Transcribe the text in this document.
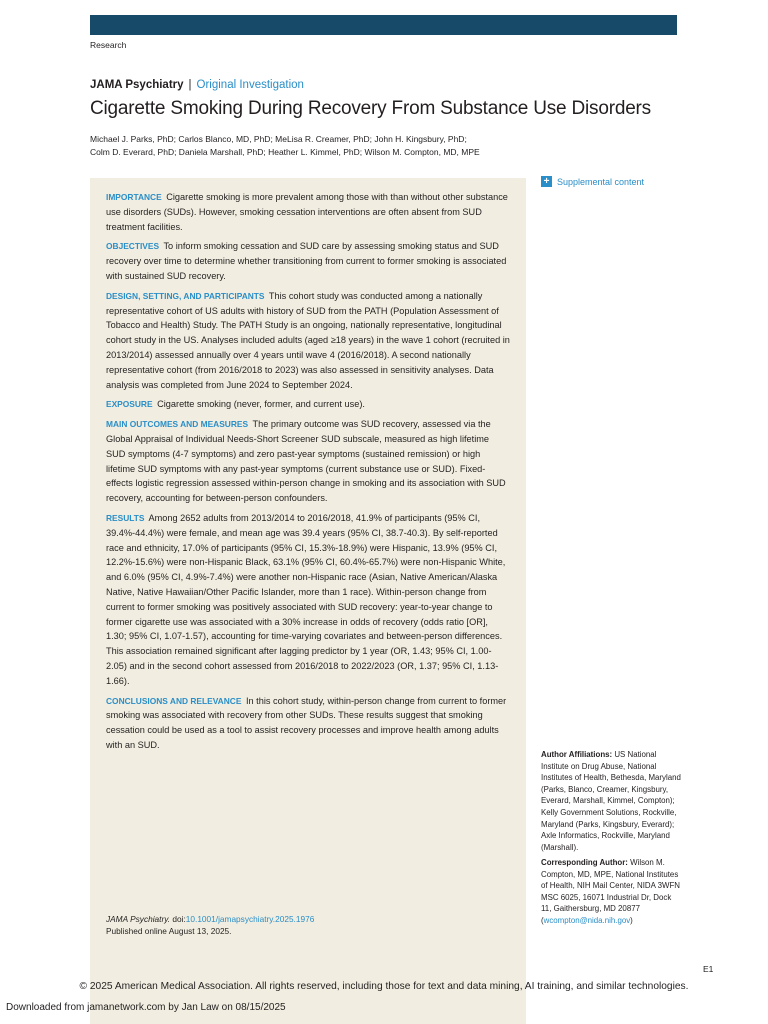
Research
JAMA Psychiatry | Original Investigation
Cigarette Smoking During Recovery From Substance Use Disorders
Michael J. Parks, PhD; Carlos Blanco, MD, PhD; MeLisa R. Creamer, PhD; John H. Kingsbury, PhD;
Colm D. Everard, PhD; Daniela Marshall, PhD; Heather L. Kimmel, PhD; Wilson M. Compton, MD, MPE
+ Supplemental content

IMPORTANCE Cigarette smoking is more prevalent among those with than without other substance use disorders (SUDs). However, smoking cessation interventions are often absent from SUD treatment facilities.

OBJECTIVES To inform smoking cessation and SUD care by assessing smoking status and SUD recovery over time to determine whether transitioning from current to former smoking is associated with sustained SUD recovery.

DESIGN, SETTING, AND PARTICIPANTS This cohort study was conducted among a nationally representative cohort of US adults with history of SUD from the PATH (Population Assessment of Tobacco and Health) Study. The PATH Study is an ongoing, nationally representative, longitudinal cohort study in the US. Analyses included adults (aged ≥18 years) in the wave 1 cohort (recruited in 2013/2014) assessed annually over 4 years until wave 4 (2016/2018). A second nationally representative cohort (from 2016/2018 to 2023) was also assessed in sensitivity analyses. Data analysis was completed from June 2024 to September 2024.

EXPOSURE Cigarette smoking (never, former, and current use).

MAIN OUTCOMES AND MEASURES The primary outcome was SUD recovery, assessed via the Global Appraisal of Individual Needs-Short Screener SUD subscale, measured as high lifetime SUD symptoms (4-7 symptoms) and zero past-year symptoms (sustained remission) or high lifetime SUD symptoms with any past-year symptoms (current substance use or SUD). Fixed-effects logistic regression assessed within-person change in smoking and its association with SUD recovery, accounting for between-person confounders.

RESULTS Among 2652 adults from 2013/2014 to 2016/2018, 41.9% of participants (95% CI, 39.4%-44.4%) were female, and mean age was 39.4 years (95% CI, 38.7-40.3). By self-reported race and ethnicity, 17.0% of participants (95% CI, 15.3%-18.9%) were Hispanic, 13.9% (95% CI, 12.2%-15.6%) were non-Hispanic Black, 63.1% (95% CI, 60.4%-65.7%) were non-Hispanic White, and 6.0% (95% CI, 4.9%-7.4%) were another non-Hispanic race (Asian, Native American/Alaska Native, Native Hawaiian/Other Pacific Islander, more than 1 race). Within-person change from current to former smoking was positively associated with SUD recovery: year-to-year change to former cigarette use was associated with a 30% increase in odds of recovery (odds ratio [OR], 1.30; 95% CI, 1.07-1.57), accounting for time-varying covariates and between-person differences. This association remained significant after lagging predictor by 1 year (OR, 1.43; 95% CI, 1.00-2.05) and in the second cohort assessed from 2016/2018 to 2022/2023 (OR, 1.37; 95% CI, 1.13-1.66).

CONCLUSIONS AND RELEVANCE In this cohort study, within-person change from current to former smoking was associated with recovery from other SUDs. These results suggest that smoking cessation could be used as a tool to assist recovery processes and improve health among adults with an SUD.

JAMA Psychiatry. doi:10.1001/jamapsychiatry.2025.1976
Published online August 13, 2025.
Author Affiliations: US National Institute on Drug Abuse, National Institutes of Health, Bethesda, Maryland (Parks, Blanco, Creamer, Kingsbury, Everard, Marshall, Kimmel, Compton); Kelly Government Solutions, Rockville, Maryland (Parks, Kingsbury, Everard); Axle Informatics, Rockville, Maryland (Marshall).
Corresponding Author: Wilson M. Compton, MD, MPE, National Institutes of Health, NIH Mail Center, NIDA 3WFN MSC 6025, 16071 Industrial Dr, Dock 11, Gaithersburg, MD 20877
(wcompton@nida.nih.gov)
E1
© 2025 American Medical Association. All rights reserved, including those for text and data mining, AI training, and similar technologies.
Downloaded from jamanetwork.com by Jan Law on 08/15/2025
